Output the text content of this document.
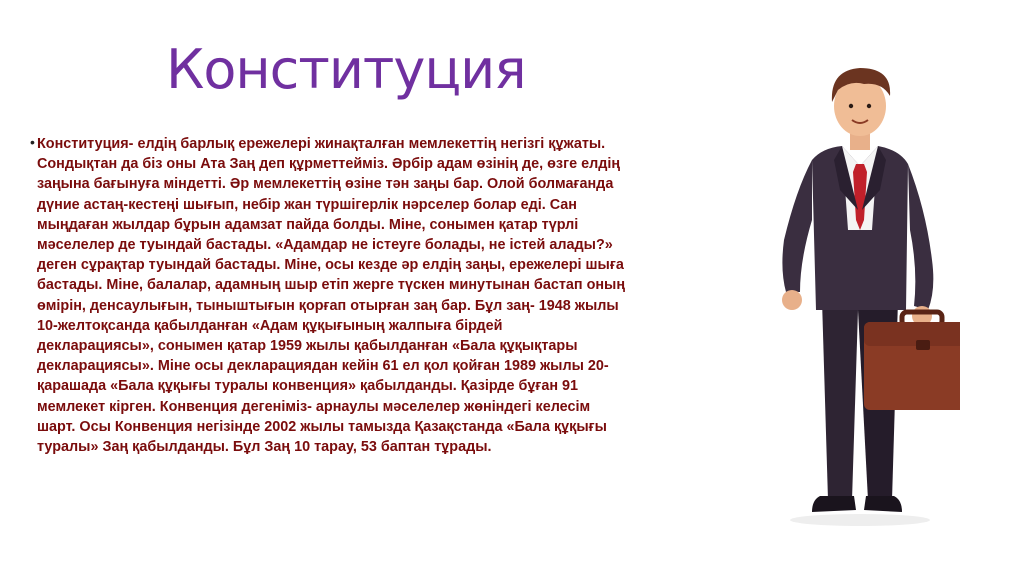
Конституция
• Конституция- елдің барлық ережелері жинақталған мемлекеттің негізгі құжаты.
Сондықтан да біз оны Ата Заң деп құрметтейміз. Әрбір адам өзінің де, өзге елдің
заңына бағынуға міндетті. Әр мемлекеттің өзіне тән заңы бар. Олой болмағанда
дүние астаң-кестеңі шығып, небір жан түршігерлік нәрселер болар еді. Сан
мыңдаған жылдар бұрын адамзат пайда болды. Міне, сонымен қатар түрлі
мәселелер де туындай бастады. «Адамдар не істеуге болады, не істей алады?»
деген сұрақтар туындай бастады. Міне, осы кезде әр елдің заңы, ережелері шыға
бастады. Міне, балалар, адамның шыр етіп жерге түскен минутынан бастап оның
өмірін, денсаулығын, тыныштығын қорғап отырған заң бар. Бұл заң- 1948 жылы
10-желтоқсанда қабылданған «Адам құқығының жалпыға бірдей
декларациясы», сонымен қатар 1959 жылы қабылданған «Бала құқықтары
декларациясы». Міне осы декларациядан кейін 61 ел қол қойған 1989 жылы 20-
қарашада «Бала құқығы туралы конвенция» қабылданды. Қазірде бұған 91
мемлекет кірген. Конвенция дегеніміз- арнаулы мәселелер жөніндегі келесім
шарт. Осы Конвенция негізінде 2002 жылы тамызда Қазақстанда «Бала құқығы
туралы» Заң қабылданды. Бұл Заң 10 тарау, 53 баптан тұрады.
